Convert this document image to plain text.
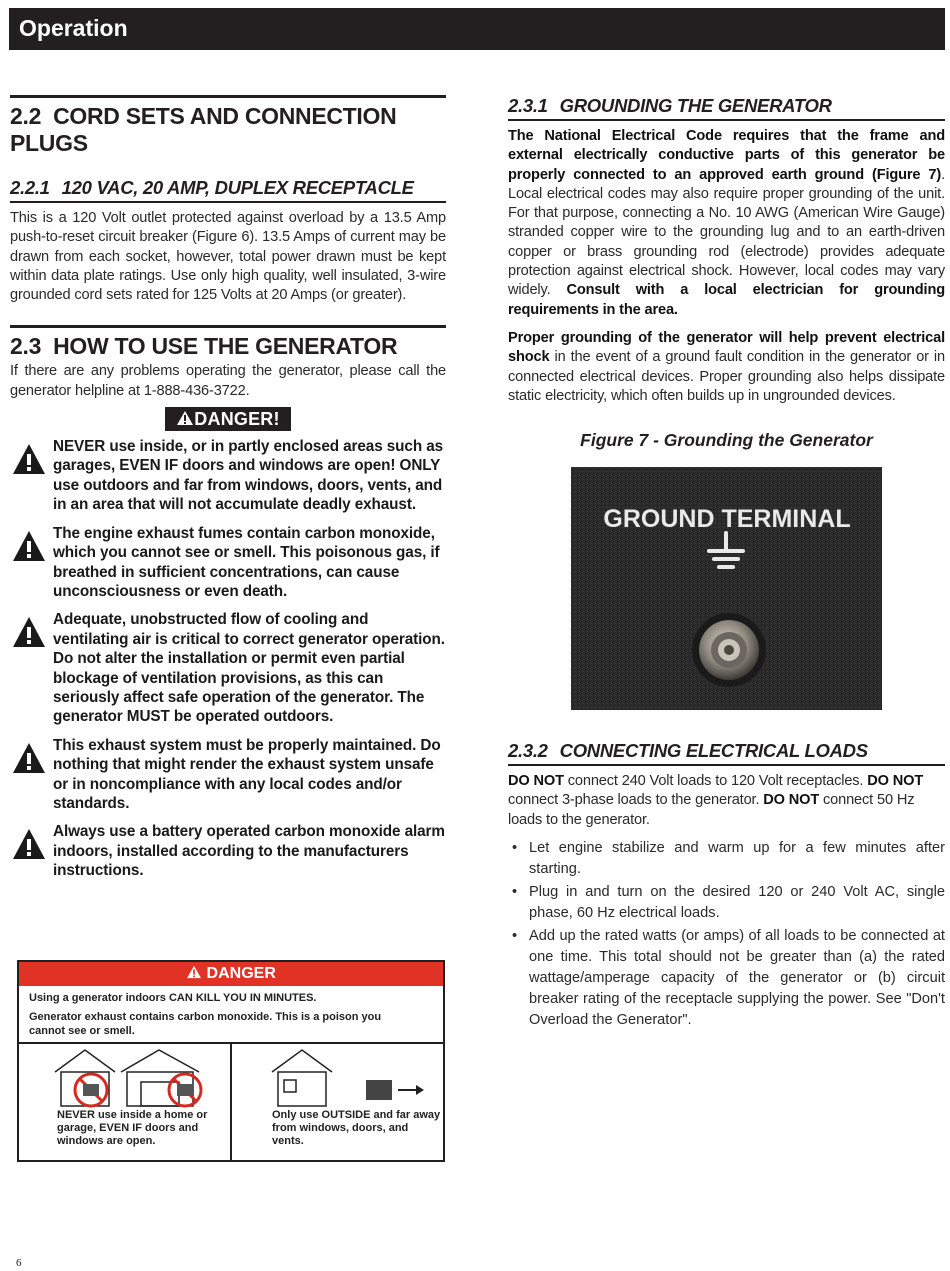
Operation
2.2 CORD SETS AND CONNECTION PLUGS
2.2.1 120 VAC, 20 AMP, DUPLEX RECEPTACLE
This is a 120 Volt outlet protected against overload by a 13.5 Amp push-to-reset circuit breaker (Figure 6). 13.5 Amps of current may be drawn from each socket, however, total power drawn must be kept within data plate ratings. Use only high quality, well insulated, 3-wire grounded cord sets rated for 125 Volts at 20 Amps (or greater).
2.3 HOW TO USE THE GENERATOR
If there are any problems operating the generator, please call the generator helpline at 1-888-436-3722.
DANGER!
NEVER use inside, or in partly enclosed areas such as garages, EVEN IF doors and windows are open! ONLY use outdoors and far from windows, doors, vents, and in an area that will not accumulate deadly exhaust.
The engine exhaust fumes contain carbon monoxide, which you cannot see or smell. This poisonous gas, if breathed in sufficient concentrations, can cause unconsciousness or even death.
Adequate, unobstructed flow of cooling and ventilating air is critical to correct generator operation. Do not alter the installation or permit even partial blockage of ventilation provisions, as this can seriously affect safe operation of the generator. The generator MUST be operated outdoors.
This exhaust system must be properly maintained. Do nothing that might render the exhaust system unsafe or in noncompliance with any local codes and/or standards.
Always use a battery operated carbon monoxide alarm indoors, installed according to the manufacturers instructions.
DANGER
Using a generator indoors CAN KILL YOU IN MINUTES.
Generator exhaust contains carbon monoxide. This is a poison you cannot see or smell.
NEVER use inside a home or garage, EVEN IF doors and windows are open.
Only use OUTSIDE and far away from windows, doors, and vents.
2.3.1 GROUNDING THE GENERATOR
The National Electrical Code requires that the frame and external electrically conductive parts of this generator be properly connected to an approved earth ground (Figure 7). Local electrical codes may also require proper grounding of the unit. For that purpose, connecting a No. 10 AWG (American Wire Gauge) stranded copper wire to the grounding lug and to an earth-driven copper or brass grounding rod (electrode) provides adequate protection against electrical shock. However, local codes may vary widely. Consult with a local electrician for grounding requirements in the area.
Proper grounding of the generator will help prevent electrical shock in the event of a ground fault condition in the generator or in connected electrical devices. Proper grounding also helps dissipate static electricity, which often builds up in ungrounded devices.
Figure 7 - Grounding the Generator
GROUND TERMINAL
2.3.2 CONNECTING ELECTRICAL LOADS
DO NOT connect 240 Volt loads to 120 Volt receptacles. DO NOT connect 3-phase loads to the generator. DO NOT connect 50 Hz loads to the generator.
• Let engine stabilize and warm up for a few minutes after starting.
• Plug in and turn on the desired 120 or 240 Volt AC, single phase, 60 Hz electrical loads.
• Add up the rated watts (or amps) of all loads to be connected at one time. This total should not be greater than (a) the rated wattage/amperage capacity of the generator or (b) circuit breaker rating of the receptacle supplying the power. See "Don't Overload the Generator".
6
